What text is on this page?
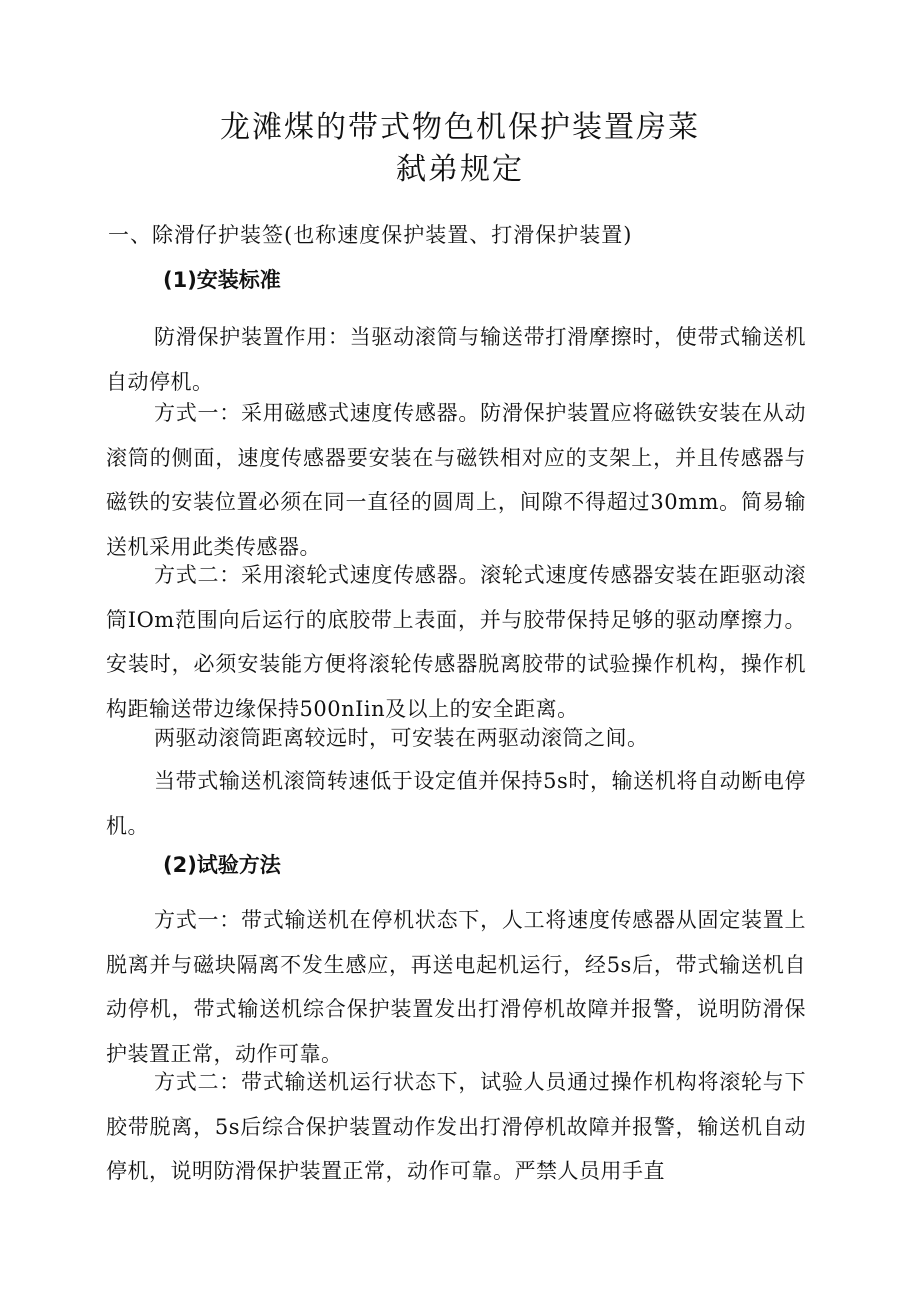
龙滩煤的带式物色机保护装置房菜
弑弟规定
一、除滑仔护装签(也称速度保护装置、打滑保护装置)
(1)安装标准

防滑保护装置作用：当驱动滚筒与输送带打滑摩擦时，使带式输送机自动停机。

方式一：采用磁感式速度传感器。防滑保护装置应将磁铁安装在从动滚筒的侧面，速度传感器要安装在与磁铁相对应的支架上，并且传感器与磁铁的安装位置必须在同一直径的圆周上，间隙不得超过30mm。简易输送机采用此类传感器。

方式二：采用滚轮式速度传感器。滚轮式速度传感器安装在距驱动滚筒IOm范围向后运行的底胶带上表面，并与胶带保持足够的驱动摩擦力。安装时，必须安装能方便将滚轮传感器脱离胶带的试验操作机构，操作机构距输送带边缘保持500nIin及以上的安全距离。

两驱动滚筒距离较远时，可安装在两驱动滚筒之间。

当带式输送机滚筒转速低于设定值并保持5s时，输送机将自动断电停机。

(2)试验方法

方式一：带式输送机在停机状态下，人工将速度传感器从固定装置上脱离并与磁块隔离不发生感应，再送电起机运行，经5s后，带式输送机自动停机，带式输送机综合保护装置发出打滑停机故障并报警，说明防滑保护装置正常，动作可靠。

方式二：带式输送机运行状态下，试验人员通过操作机构将滚轮与下胶带脱离，5s后综合保护装置动作发出打滑停机故障并报警，输送机自动停机，说明防滑保护装置正常，动作可靠。严禁人员用手直
